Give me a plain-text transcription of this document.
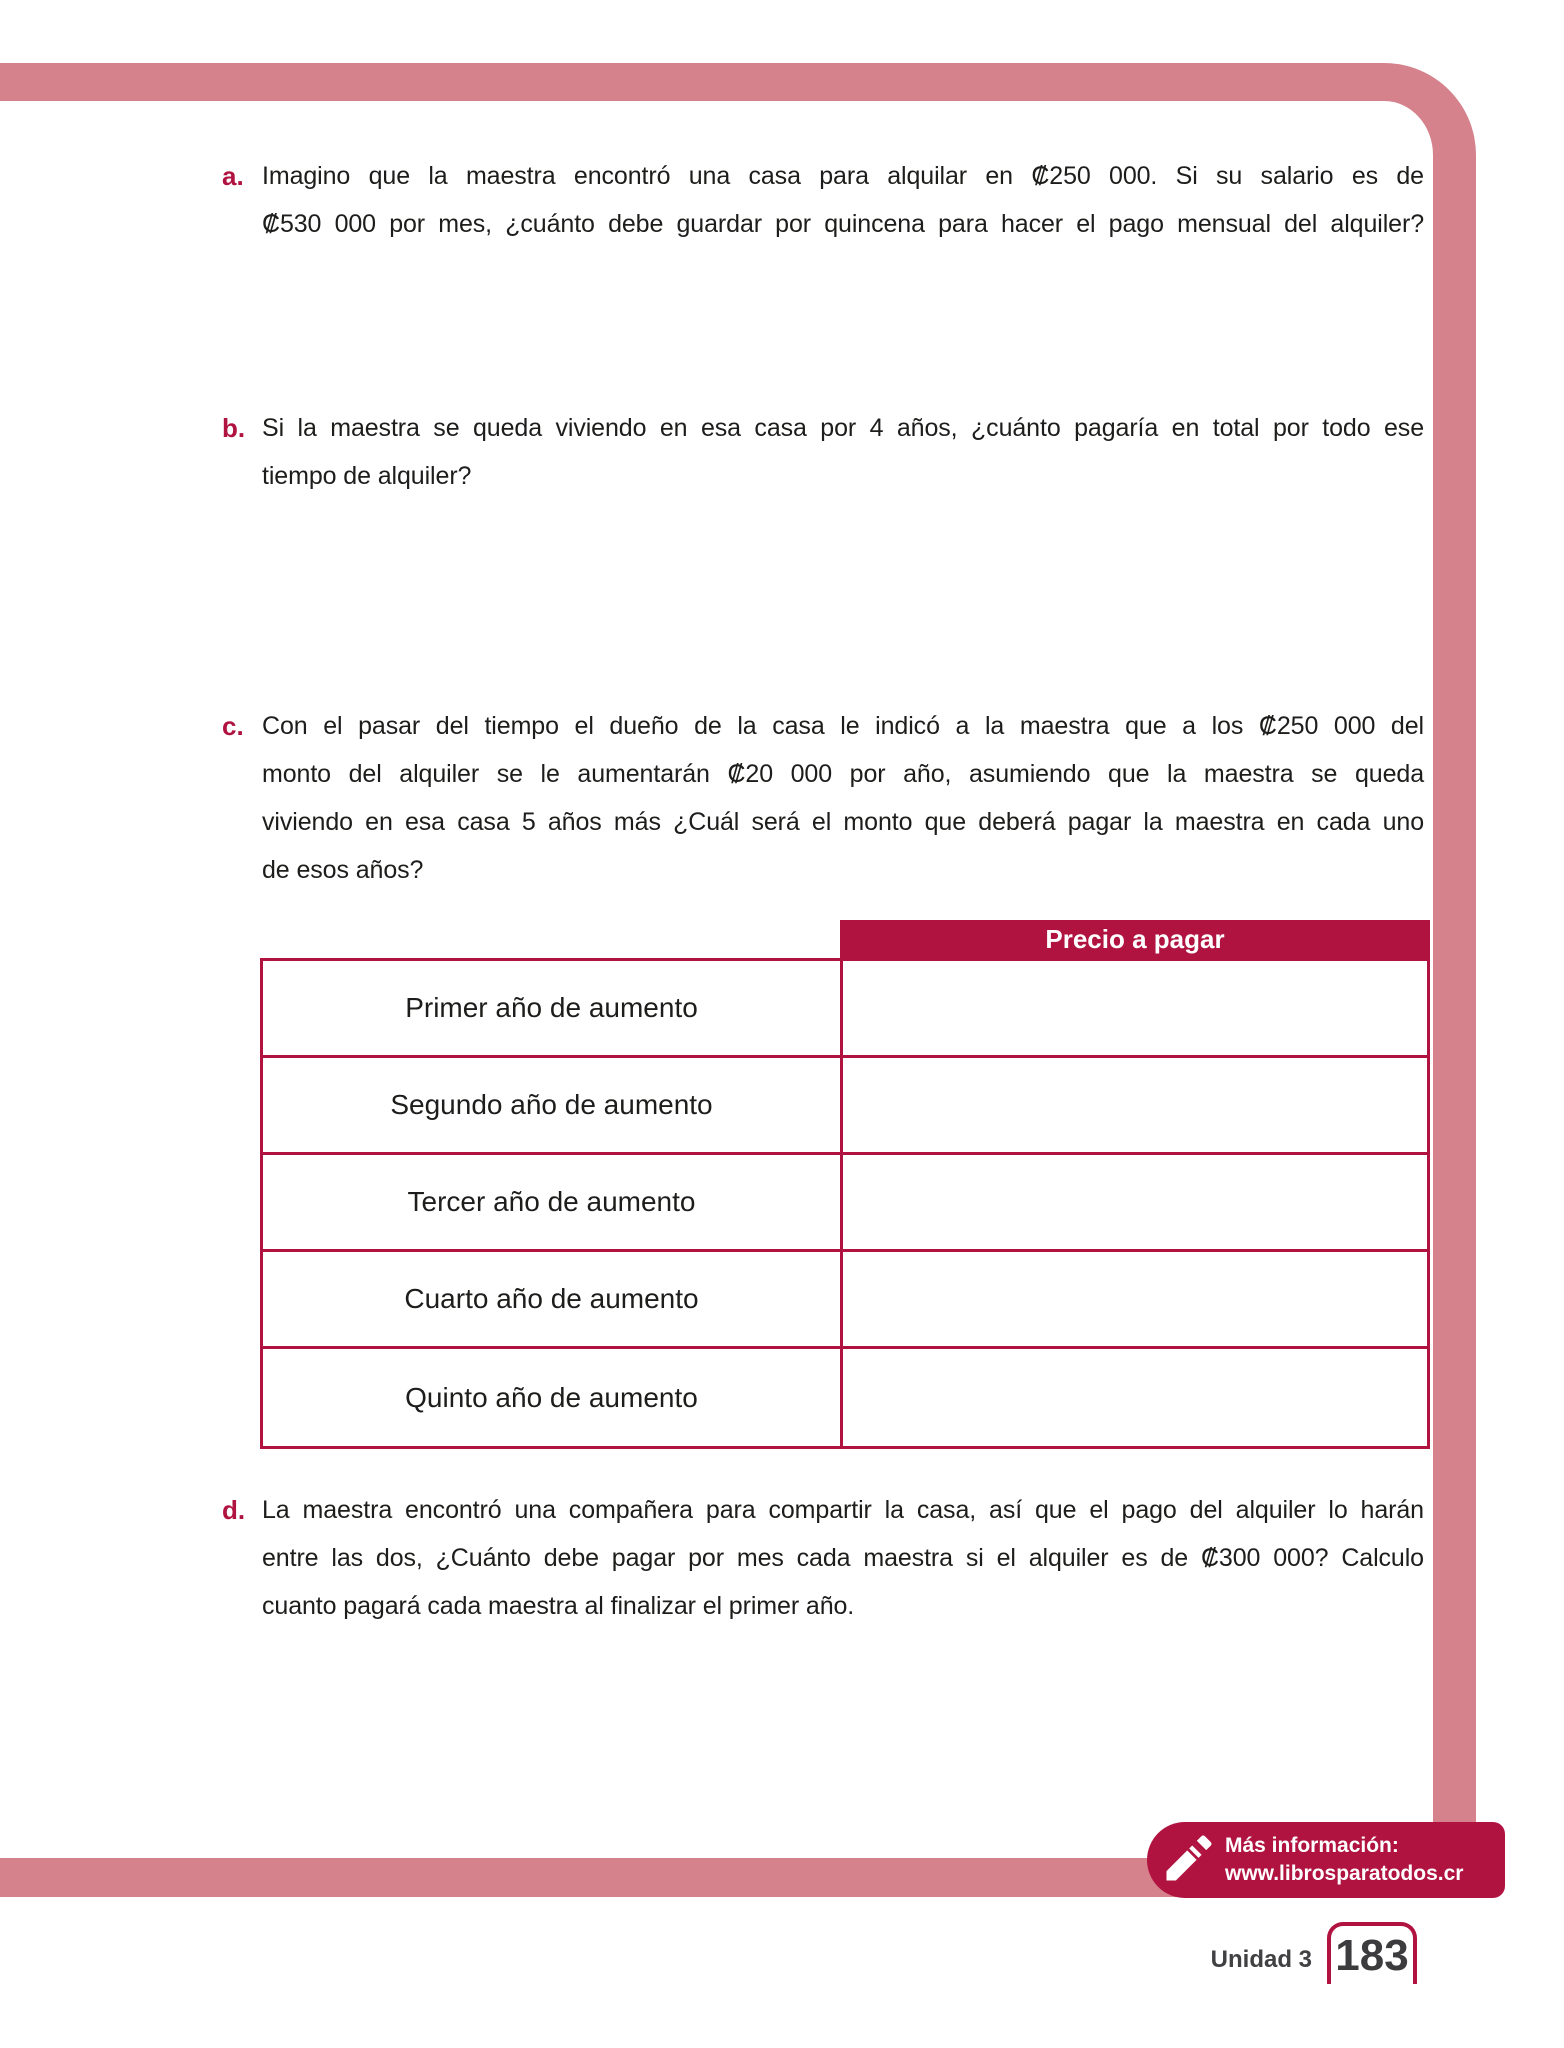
a. Imagino que la maestra encontró una casa para alquilar en ₡250 000. Si su salario es de
₡530 000 por mes, ¿cuánto debe guardar por quincena para hacer el pago mensual del alquiler?
b. Si la maestra se queda viviendo en esa casa por 4 años, ¿cuánto pagaría en total por todo ese
tiempo de alquiler?
c. Con el pasar del tiempo el dueño de la casa le indicó a la maestra que a los ₡250 000 del
monto del alquiler se le aumentarán ₡20 000 por año, asumiendo que la maestra se queda
viviendo en esa casa 5 años más ¿Cuál será el monto que deberá pagar la maestra en cada uno
de esos años?
Precio a pagar
Primer año de aumento
Segundo año de aumento
Tercer año de aumento
Cuarto año de aumento
Quinto año de aumento
d. La maestra encontró una compañera para compartir la casa, así que el pago del alquiler lo harán
entre las dos, ¿Cuánto debe pagar por mes cada maestra si el alquiler es de ₡300 000? Calculo
cuanto pagará cada maestra al finalizar el primer año.
Más información:
www.librosparatodos.cr
Unidad 3 183
